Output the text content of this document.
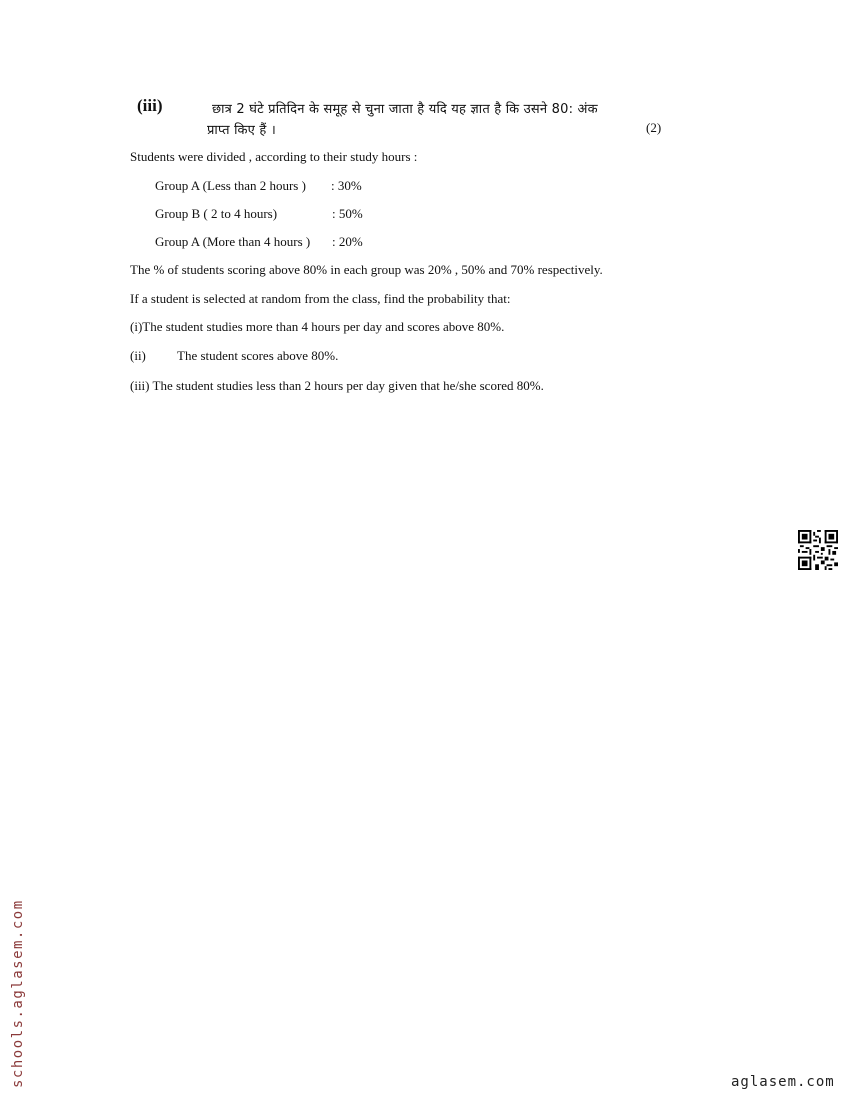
(iii)	छात्र 2 घंटे प्रतिदिन के समूह से चुना जाता है यदि यह ज्ञात है कि उसने 80: अंक
प्राप्त किए हैं ।	(2)
Students were divided , according to their study hours :
Group A (Less than 2 hours ) : 30%
Group B ( 2 to 4 hours)	: 50%
Group A (More than 4 hours ) : 20%
The % of students scoring above 80% in each group was 20% , 50% and 70% respectively.
If a student is selected at random from the class, find the probability that:
(i)The student studies more than 4 hours per day and scores above 80%.
(ii) The student scores above 80%.
(iii) The student studies less than 2 hours per day given that he/she scored 80%.
schools.aglasem.com	aglasem.com
